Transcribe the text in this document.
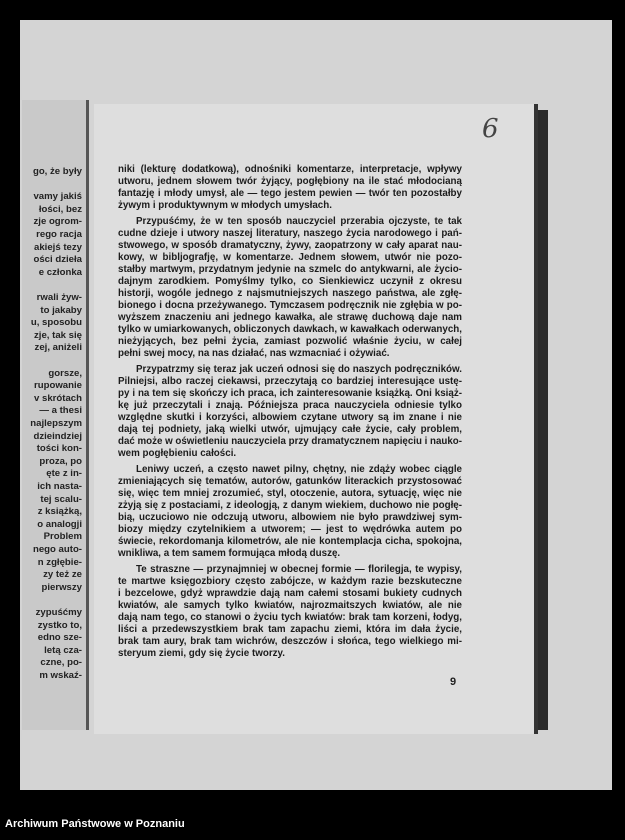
go, że były
vamy jakiś
łości, bez
zje ogrom-
rego racja
akiejś tezy
ości dzieła
e członka
rwali żyw-
to jakaby
u, sposobu
zje, tak się
zej, aniżeli
gorsze,
rupowanie
v skrótach
— a thesi
najlepszym
dzieindziej
tości kon-
proza, po
ęte z in-
ich nasta-
tej scalu-
z książką,
o analogji
Problem
nego auto-
n zgłębie-
zy też ze
pierwszy
zypuśćmy
zystko to,
edno sze-
letą cza-
czne, po-
m wskaź-
6
niki (lekturę dodatkową), odnośniki komentarze, interpretacje, wpływy
utworu, jednem słowem twór żyjący, pogłębiony na ile stać młodocianą
fantazję i młody umysł, ale — tego jestem pewien — twór ten pozostałby
żywym i produktywnym w młodych umysłach.
Przypuśćmy, że w ten sposób nauczyciel przerabia ojczyste, te tak
cudne dzieje i utwory naszej literatury, naszego życia narodowego i pań-
stwowego, w sposób dramatyczny, żywy, zaopatrzony w cały aparat nau-
kowy, w bibljografję, w komentarze. Jednem słowem, utwór nie pozo-
stałby martwym, przydatnym jedynie na szmelc do antykwarni, ale życio-
dajnym zarodkiem. Pomyślmy tylko, co Sienkiewicz uczynił z okresu
historji, wogóle jednego z najsmutniejszych naszego państwa, ale zgłę-
bionego i docna przeżywanego. Tymczasem podręcznik nie zgłębia w po-
wyższem znaczeniu ani jednego kawałka, ale strawę duchową daje nam
tylko w umiarkowanych, obliczonych dawkach, w kawałkach oderwanych,
nieżyjących, bez pełni życia, zamiast pozwolić właśnie życiu, w całej
pełni swej mocy, na nas działać, nas wzmacniać i ożywiać.
Przypatrzmy się teraz jak uczeń odnosi się do naszych podręczników.
Pilniejsi, albo raczej ciekawsi, przeczytają co bardziej interesujące ustę-
py i na tem się skończy ich praca, ich zainteresowanie książką. Oni książ-
kę już przeczytali i znają. Późniejsza praca nauczyciela odniesie tylko
względne skutki i korzyści, albowiem czytane utwory są im znane i nie
dają tej podniety, jaką wielki utwór, ujmujący całe życie, cały problem,
dać może w oświetleniu nauczyciela przy dramatycznem napięciu i nauko-
wem pogłębieniu całości.
Leniwy uczeń, a często nawet pilny, chętny, nie zdąży wobec ciągle
zmieniających się tematów, autorów, gatunków literackich przystosować
się, więc tem mniej zrozumieć, styl, otoczenie, autora, sytuację, więc nie
zżyją się z postaciami, z ideologją, z danym wiekiem, duchowo nie pogłę-
bią, uczuciowo nie odczują utworu, albowiem nie było prawdziwej sym-
biozy między czytelnikiem a utworem; — jest to wędrówka autem po
świecie, rekordomanja kilometrów, ale nie kontemplacja cicha, spokojna,
wnikliwa, a tem samem formująca młodą duszę.
Te straszne — przynajmniej w obecnej formie — florilegja, te wypisy,
te martwe księgozbiory często zabójcze, w każdym razie bezskuteczne
i bezcelowe, gdyż wprawdzie dają nam całemi stosami bukiety cudnych
kwiatów, ale samych tylko kwiatów, najrozmaitszych kwiatów, ale nie
dają nam tego, co stanowi o życiu tych kwiatów: brak tam korzeni, łodyg,
liści a przedewszystkiem brak tam zapachu ziemi, która im dała życie,
brak tam aury, brak tam wichrów, deszczów i słońca, tego wielkiego mi-
steryum ziemi, gdy się życie tworzy.
9
Archiwum Państwowe w Poznaniu
